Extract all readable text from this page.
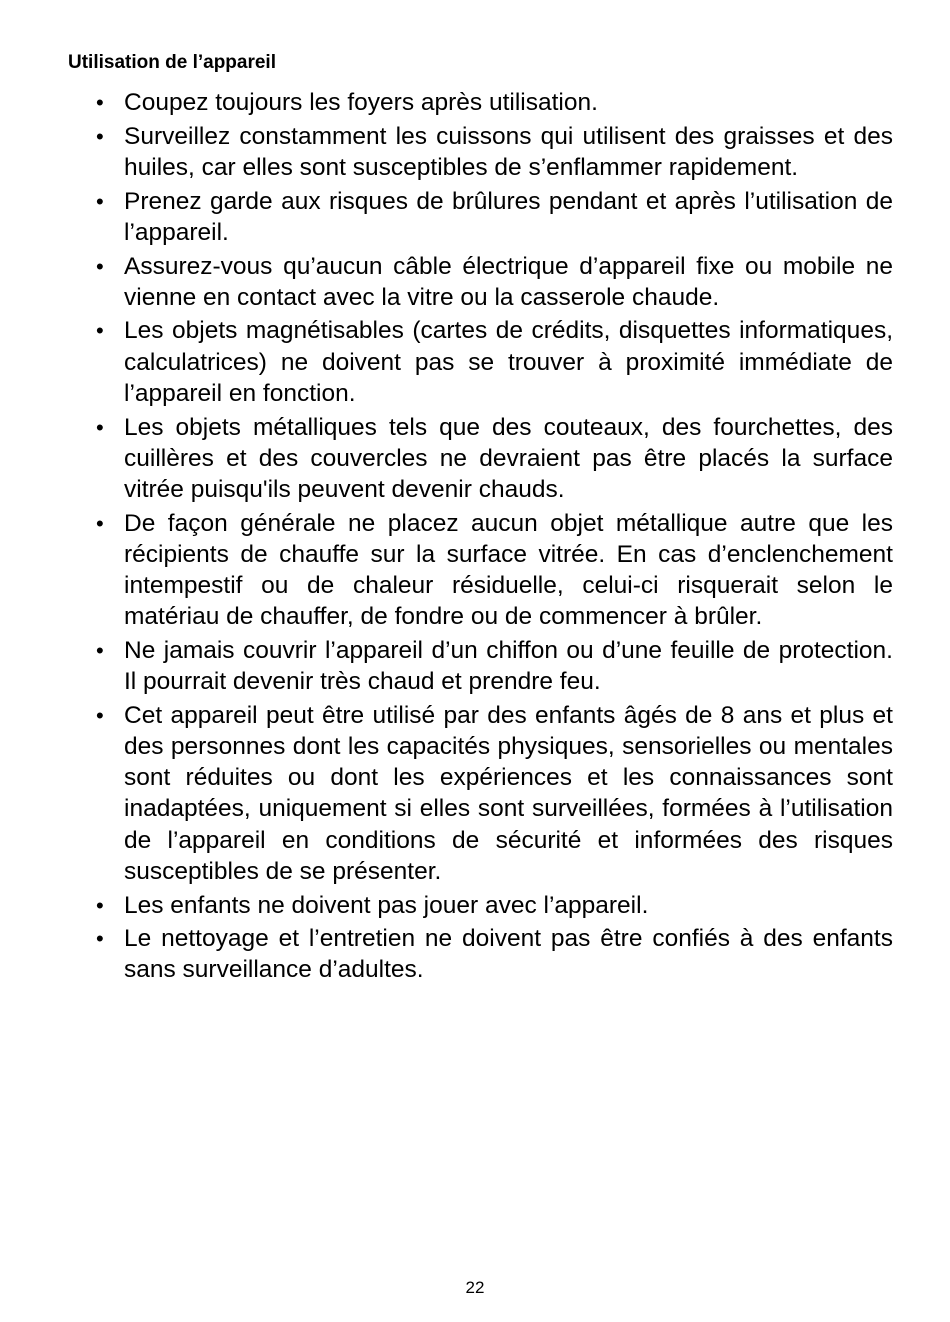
Utilisation de l’appareil
• Coupez toujours les foyers après utilisation.
• Surveillez constamment les cuissons qui utilisent des graisses et des huiles, car elles sont susceptibles de s’enflammer rapidement.
• Prenez garde aux risques de brûlures pendant et après l’utilisation de l’appareil.
• Assurez-vous qu’aucun câble électrique d’appareil fixe ou mobile ne vienne en contact avec la vitre ou la casserole chaude.
• Les objets magnétisables (cartes de crédits, disquettes informatiques, calculatrices) ne doivent pas se trouver à proximité immédiate de l’appareil en fonction.
• Les objets métalliques tels que des couteaux, des fourchettes, des cuillères et des couvercles ne devraient pas être placés la surface vitrée puisqu'ils peuvent devenir chauds.
• De façon générale ne placez aucun objet métallique autre que les récipients de chauffe sur la surface vitrée. En cas d’enclenchement intempestif ou de chaleur résiduelle, celui-ci risquerait selon le matériau de chauffer, de fondre ou de commencer à brûler.
• Ne jamais couvrir l’appareil d’un chiffon ou d’une feuille de protection. Il pourrait devenir très chaud et prendre feu.
• Cet appareil peut être utilisé par des enfants âgés de 8 ans et plus et des personnes dont les capacités physiques, sensorielles ou mentales sont réduites ou dont les expériences et les connaissances sont inadaptées, uniquement si elles sont surveillées, formées à l’utilisation de l’appareil en conditions de sécurité et informées des risques susceptibles de se présenter.
• Les enfants ne doivent pas jouer avec l’appareil.
• Le nettoyage et l’entretien ne doivent pas être confiés à des enfants sans surveillance d’adultes.

22
